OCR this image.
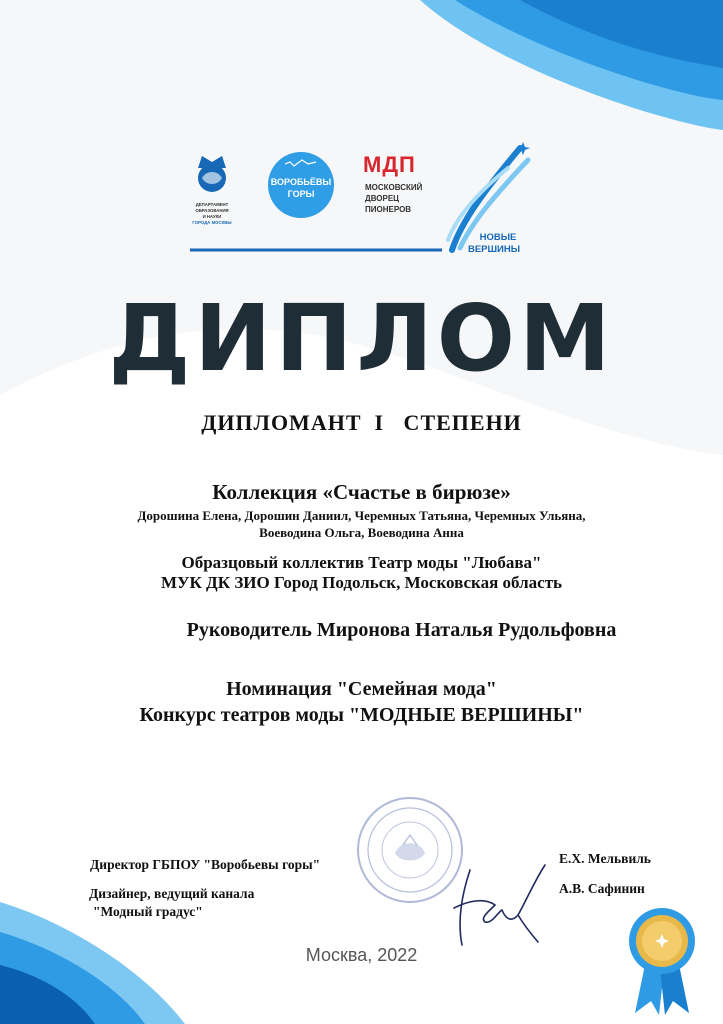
ДЕПАРТАМЕНТ
ОБРАЗОВАНИЯ
И НАУКИ
ГОРОДА МОСКВЫ
ВОРОБЬЁВЫ
ГОРЫ
МДП
МОСКОВСКИЙ
ДВОРЕЦ
ПИОНЕРОВ
НОВЫЕ
ВЕРШИНЫ
ДИПЛОМ
ДИПЛОМАНТ  I   СТЕПЕНИ
Коллекция «Счастье в бирюзе»
Дорошина Елена, Дорошин Даниил, Черемных Татьяна, Черемных Ульяна,
Воеводина Ольга, Воеводина Анна
Образцовый коллектив Театр моды "Любава"
МУК ДК ЗИО Город Подольск, Московская область
Руководитель Миронова Наталья Рудольфовна
Номинация "Семейная мода"
Конкурс театров моды "МОДНЫЕ ВЕРШИНЫ"
Директор ГБПОУ "Воробьевы горы"	Е.Х. Мельвиль
Дизайнер, ведущий канала
"Модный градус"
А.В. Сафинин
Москва, 2022
